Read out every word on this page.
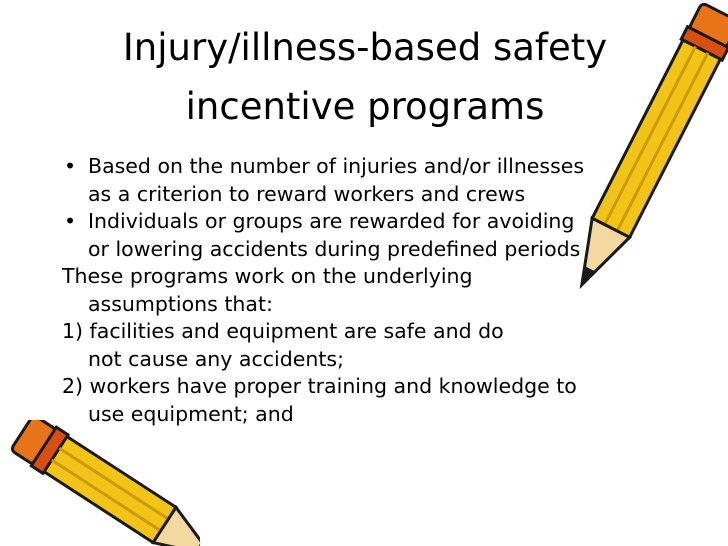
Injury/illness-based safety
incentive programs
• Based on the number of injuries and/or illnesses
as a criterion to reward workers and crews
• Individuals or groups are rewarded for avoiding
or lowering accidents during predefined periods
These programs work on the underlying
assumptions that:
1) facilities and equipment are safe and do
not cause any accidents;
2) workers have proper training and knowledge to
use equipment; and
